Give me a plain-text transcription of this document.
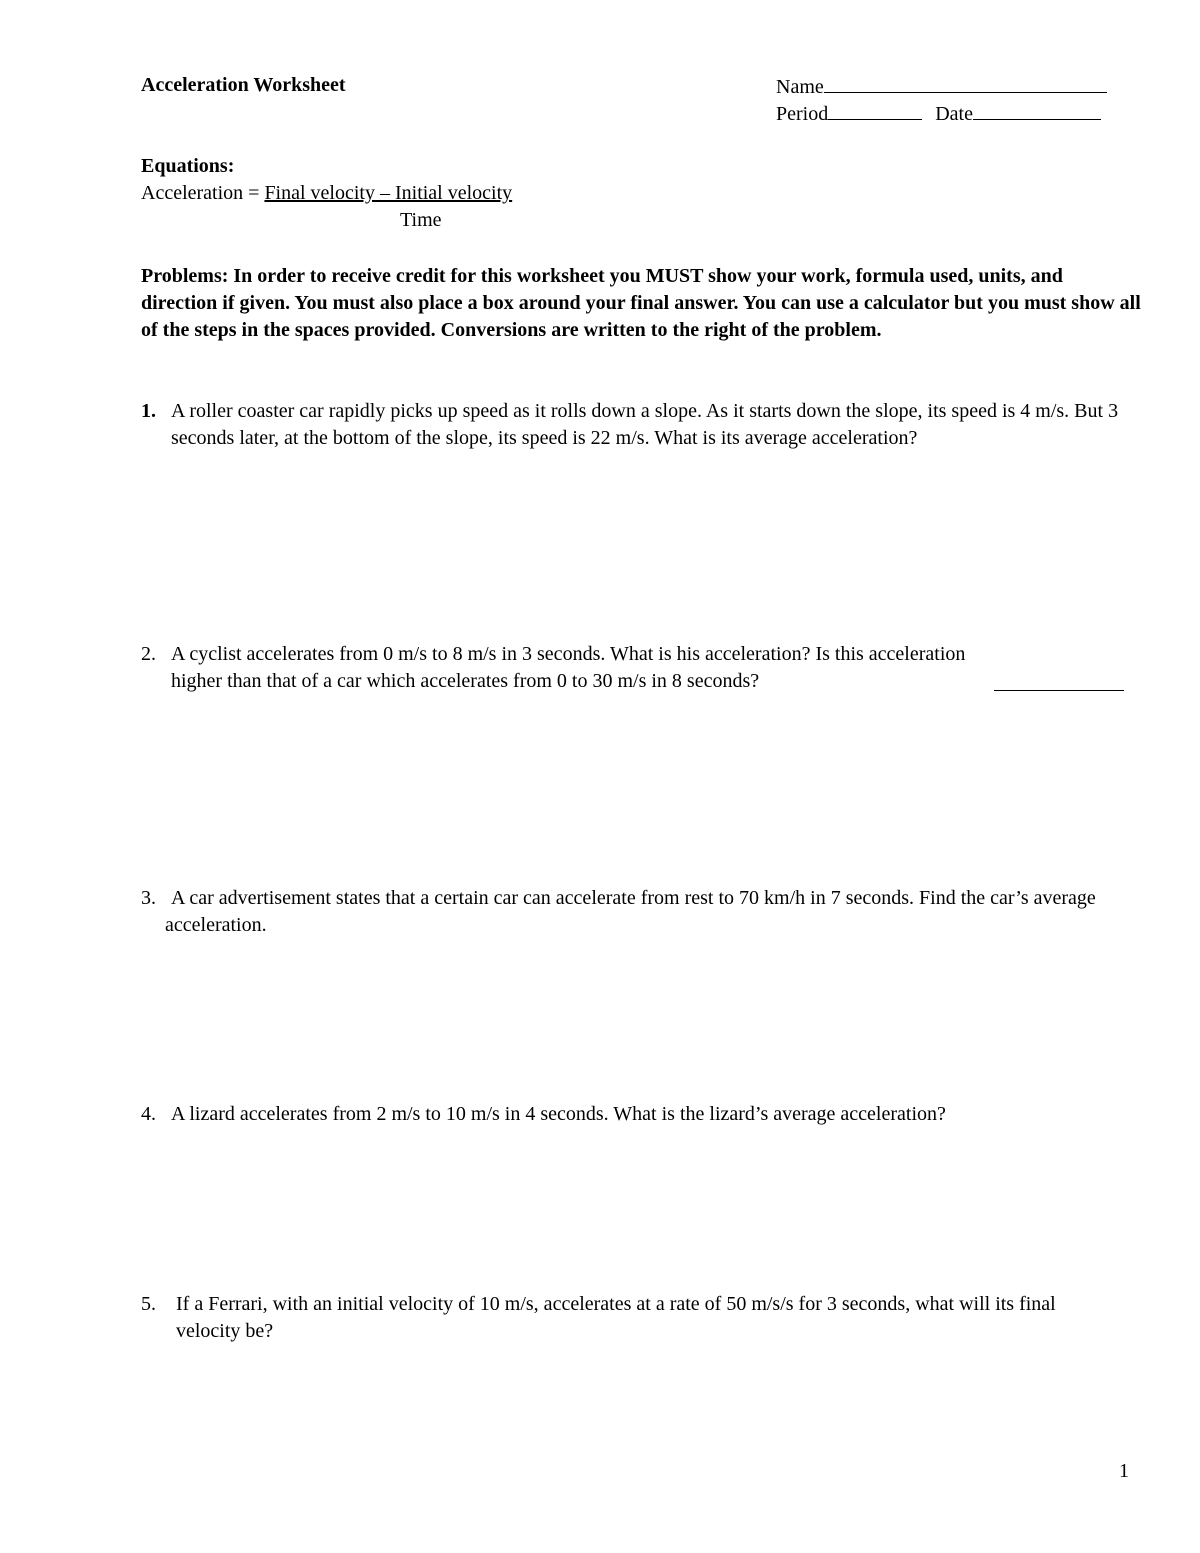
Acceleration Worksheet	Name
Period	Date
Equations:
Acceleration = Final velocity – Initial velocity
Time
Problems: In order to receive credit for this worksheet you MUST show your work, formula used, units, and direction if given. You must also place a box around your final answer. You can use a calculator but you must show all of the steps in the spaces provided. Conversions are written to the right of the problem.
1. A roller coaster car rapidly picks up speed as it rolls down a slope. As it starts down the slope, its speed is 4 m/s. But 3 seconds later, at the bottom of the slope, its speed is 22 m/s. What is its average acceleration?
2. A cyclist accelerates from 0 m/s to 8 m/s in 3 seconds. What is his acceleration? Is this acceleration higher than that of a car which accelerates from 0 to 30 m/s in 8 seconds?
3. A car advertisement states that a certain car can accelerate from rest to 70 km/h in 7 seconds. Find the car’s average acceleration.
4. A lizard accelerates from 2 m/s to 10 m/s in 4 seconds. What is the lizard’s average acceleration?
5. If a Ferrari, with an initial velocity of 10 m/s, accelerates at a rate of 50 m/s/s for 3 seconds, what will its final velocity be?
1
